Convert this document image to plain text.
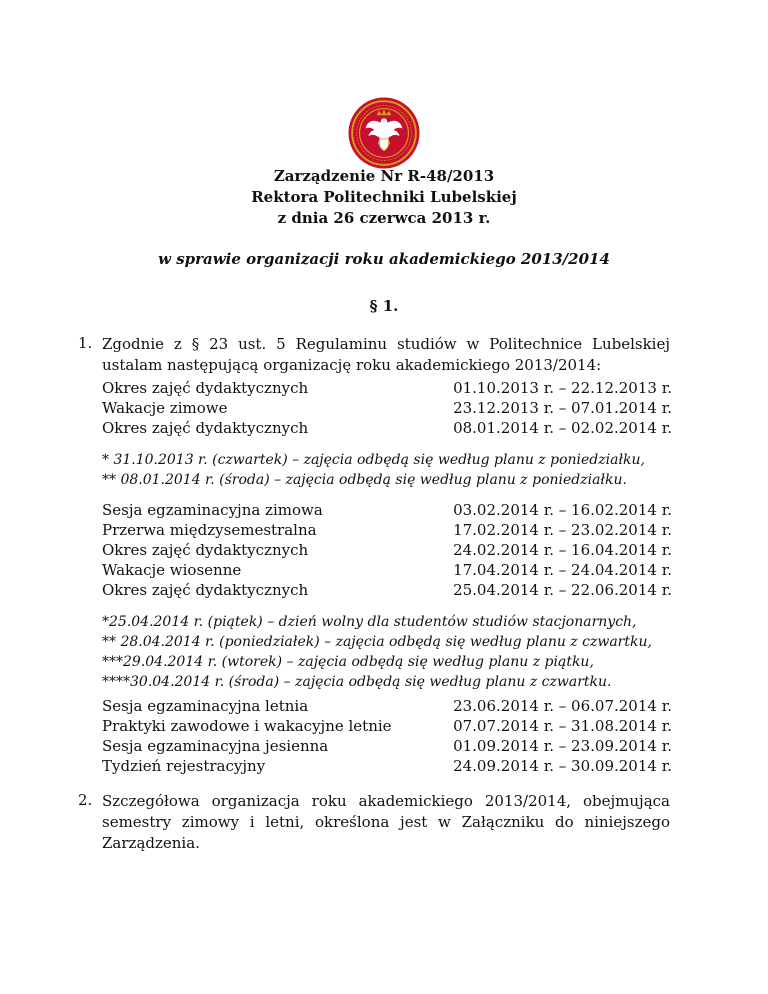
Zarządzenie Nr R-48/2013
Rektora Politechniki Lubelskiej
z dnia 26 czerwca 2013 r.
w sprawie organizacji roku akademickiego 2013/2014
§ 1.
1. Zgodnie z § 23 ust. 5 Regulaminu studiów w Politechnice Lubelskiej ustalam następującą organizację roku akademickiego 2013/2014:
Okres zajęć dydaktycznych	01.10.2013 r. – 22.12.2013 r.
Wakacje zimowe	23.12.2013 r. – 07.01.2014 r.
Okres zajęć dydaktycznych	08.01.2014 r. – 02.02.2014 r.
* 31.10.2013 r. (czwartek) – zajęcia odbędą się według planu z poniedziałku,
** 08.01.2014 r. (środa) – zajęcia odbędą się według planu z poniedziałku.
Sesja egzaminacyjna zimowa	03.02.2014 r. – 16.02.2014 r.
Przerwa międzysemestralna	17.02.2014 r. – 23.02.2014 r.
Okres zajęć dydaktycznych	24.02.2014 r. – 16.04.2014 r.
Wakacje wiosenne	17.04.2014 r. – 24.04.2014 r.
Okres zajęć dydaktycznych	25.04.2014 r. – 22.06.2014 r.
*25.04.2014 r. (piątek) – dzień wolny dla studentów studiów stacjonarnych,
** 28.04.2014 r. (poniedziałek) – zajęcia odbędą się według planu z czwartku,
***29.04.2014 r. (wtorek) – zajęcia odbędą się według planu z piątku,
****30.04.2014 r. (środa) – zajęcia odbędą się według planu z czwartku.
Sesja egzaminacyjna letnia	23.06.2014 r. – 06.07.2014 r.
Praktyki zawodowe i wakacyjne letnie	07.07.2014 r. – 31.08.2014 r.
Sesja egzaminacyjna jesienna	01.09.2014 r. – 23.09.2014 r.
Tydzień rejestracyjny	24.09.2014 r. – 30.09.2014 r.
2. Szczegółowa organizacja roku akademickiego 2013/2014, obejmująca semestry zimowy i letni, określona jest w Załączniku do niniejszego Zarządzenia.
